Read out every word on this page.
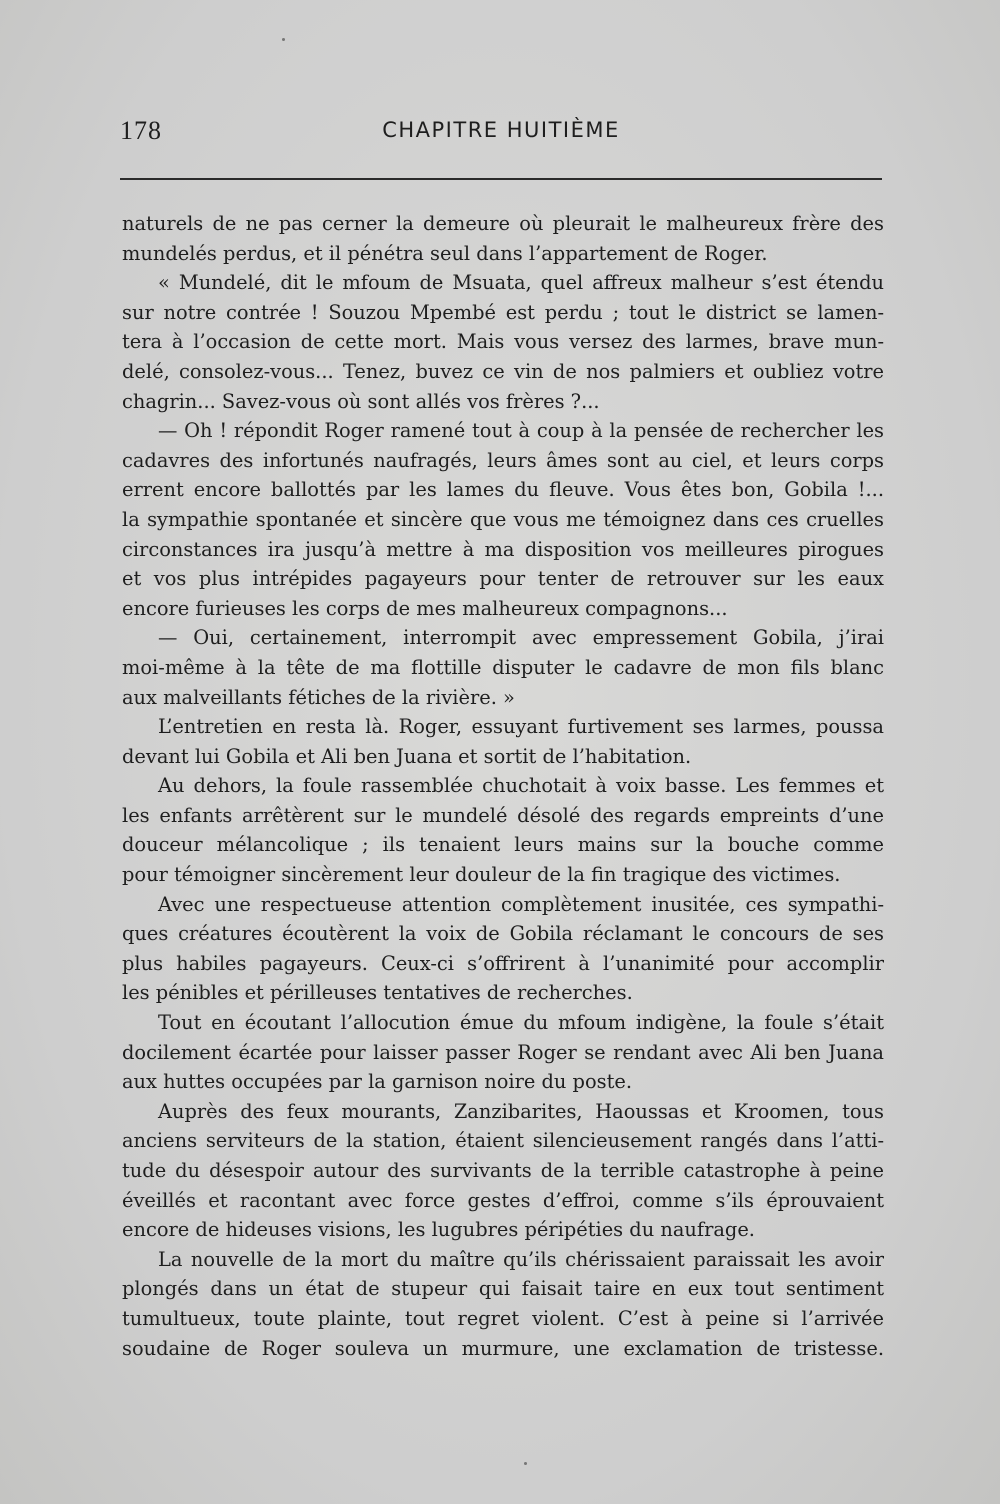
178	CHAPITRE HUITIÈME
naturels de ne pas cerner la demeure où pleurait le malheureux frère des
mundelés perdus, et il pénétra seul dans l’appartement de Roger.
« Mundelé, dit le mfoum de Msuata, quel affreux malheur s’est étendu
sur notre contrée ! Souzou Mpembé est perdu ; tout le district se lamen-
tera à l’occasion de cette mort. Mais vous versez des larmes, brave mun-
delé, consolez-vous... Tenez, buvez ce vin de nos palmiers et oubliez votre
chagrin... Savez-vous où sont allés vos frères ?...
— Oh ! répondit Roger ramené tout à coup à la pensée de rechercher les
cadavres des infortunés naufragés, leurs âmes sont au ciel, et leurs corps
errent encore ballottés par les lames du fleuve. Vous êtes bon, Gobila !...
la sympathie spontanée et sincère que vous me témoignez dans ces cruelles
circonstances ira jusqu’à mettre à ma disposition vos meilleures pirogues
et vos plus intrépides pagayeurs pour tenter de retrouver sur les eaux
encore furieuses les corps de mes malheureux compagnons...
— Oui, certainement, interrompit avec empressement Gobila, j’irai
moi-même à la tête de ma flottille disputer le cadavre de mon fils blanc
aux malveillants fétiches de la rivière. »
L’entretien en resta là. Roger, essuyant furtivement ses larmes, poussa
devant lui Gobila et Ali ben Juana et sortit de l’habitation.
Au dehors, la foule rassemblée chuchotait à voix basse. Les femmes et
les enfants arrêtèrent sur le mundelé désolé des regards empreints d’une
douceur mélancolique ; ils tenaient leurs mains sur la bouche comme
pour témoigner sincèrement leur douleur de la fin tragique des victimes.
Avec une respectueuse attention complètement inusitée, ces sympathi-
ques créatures écoutèrent la voix de Gobila réclamant le concours de ses
plus habiles pagayeurs. Ceux-ci s’offrirent à l’unanimité pour accomplir
les pénibles et périlleuses tentatives de recherches.
Tout en écoutant l’allocution émue du mfoum indigène, la foule s’était
docilement écartée pour laisser passer Roger se rendant avec Ali ben Juana
aux huttes occupées par la garnison noire du poste.
Auprès des feux mourants, Zanzibarites, Haoussas et Kroomen, tous
anciens serviteurs de la station, étaient silencieusement rangés dans l’atti-
tude du désespoir autour des survivants de la terrible catastrophe à peine
éveillés et racontant avec force gestes d’effroi, comme s’ils éprouvaient
encore de hideuses visions, les lugubres péripéties du naufrage.
La nouvelle de la mort du maître qu’ils chérissaient paraissait les avoir
plongés dans un état de stupeur qui faisait taire en eux tout sentiment
tumultueux, toute plainte, tout regret violent. C’est à peine si l’arrivée
soudaine de Roger souleva un murmure, une exclamation de tristesse.
